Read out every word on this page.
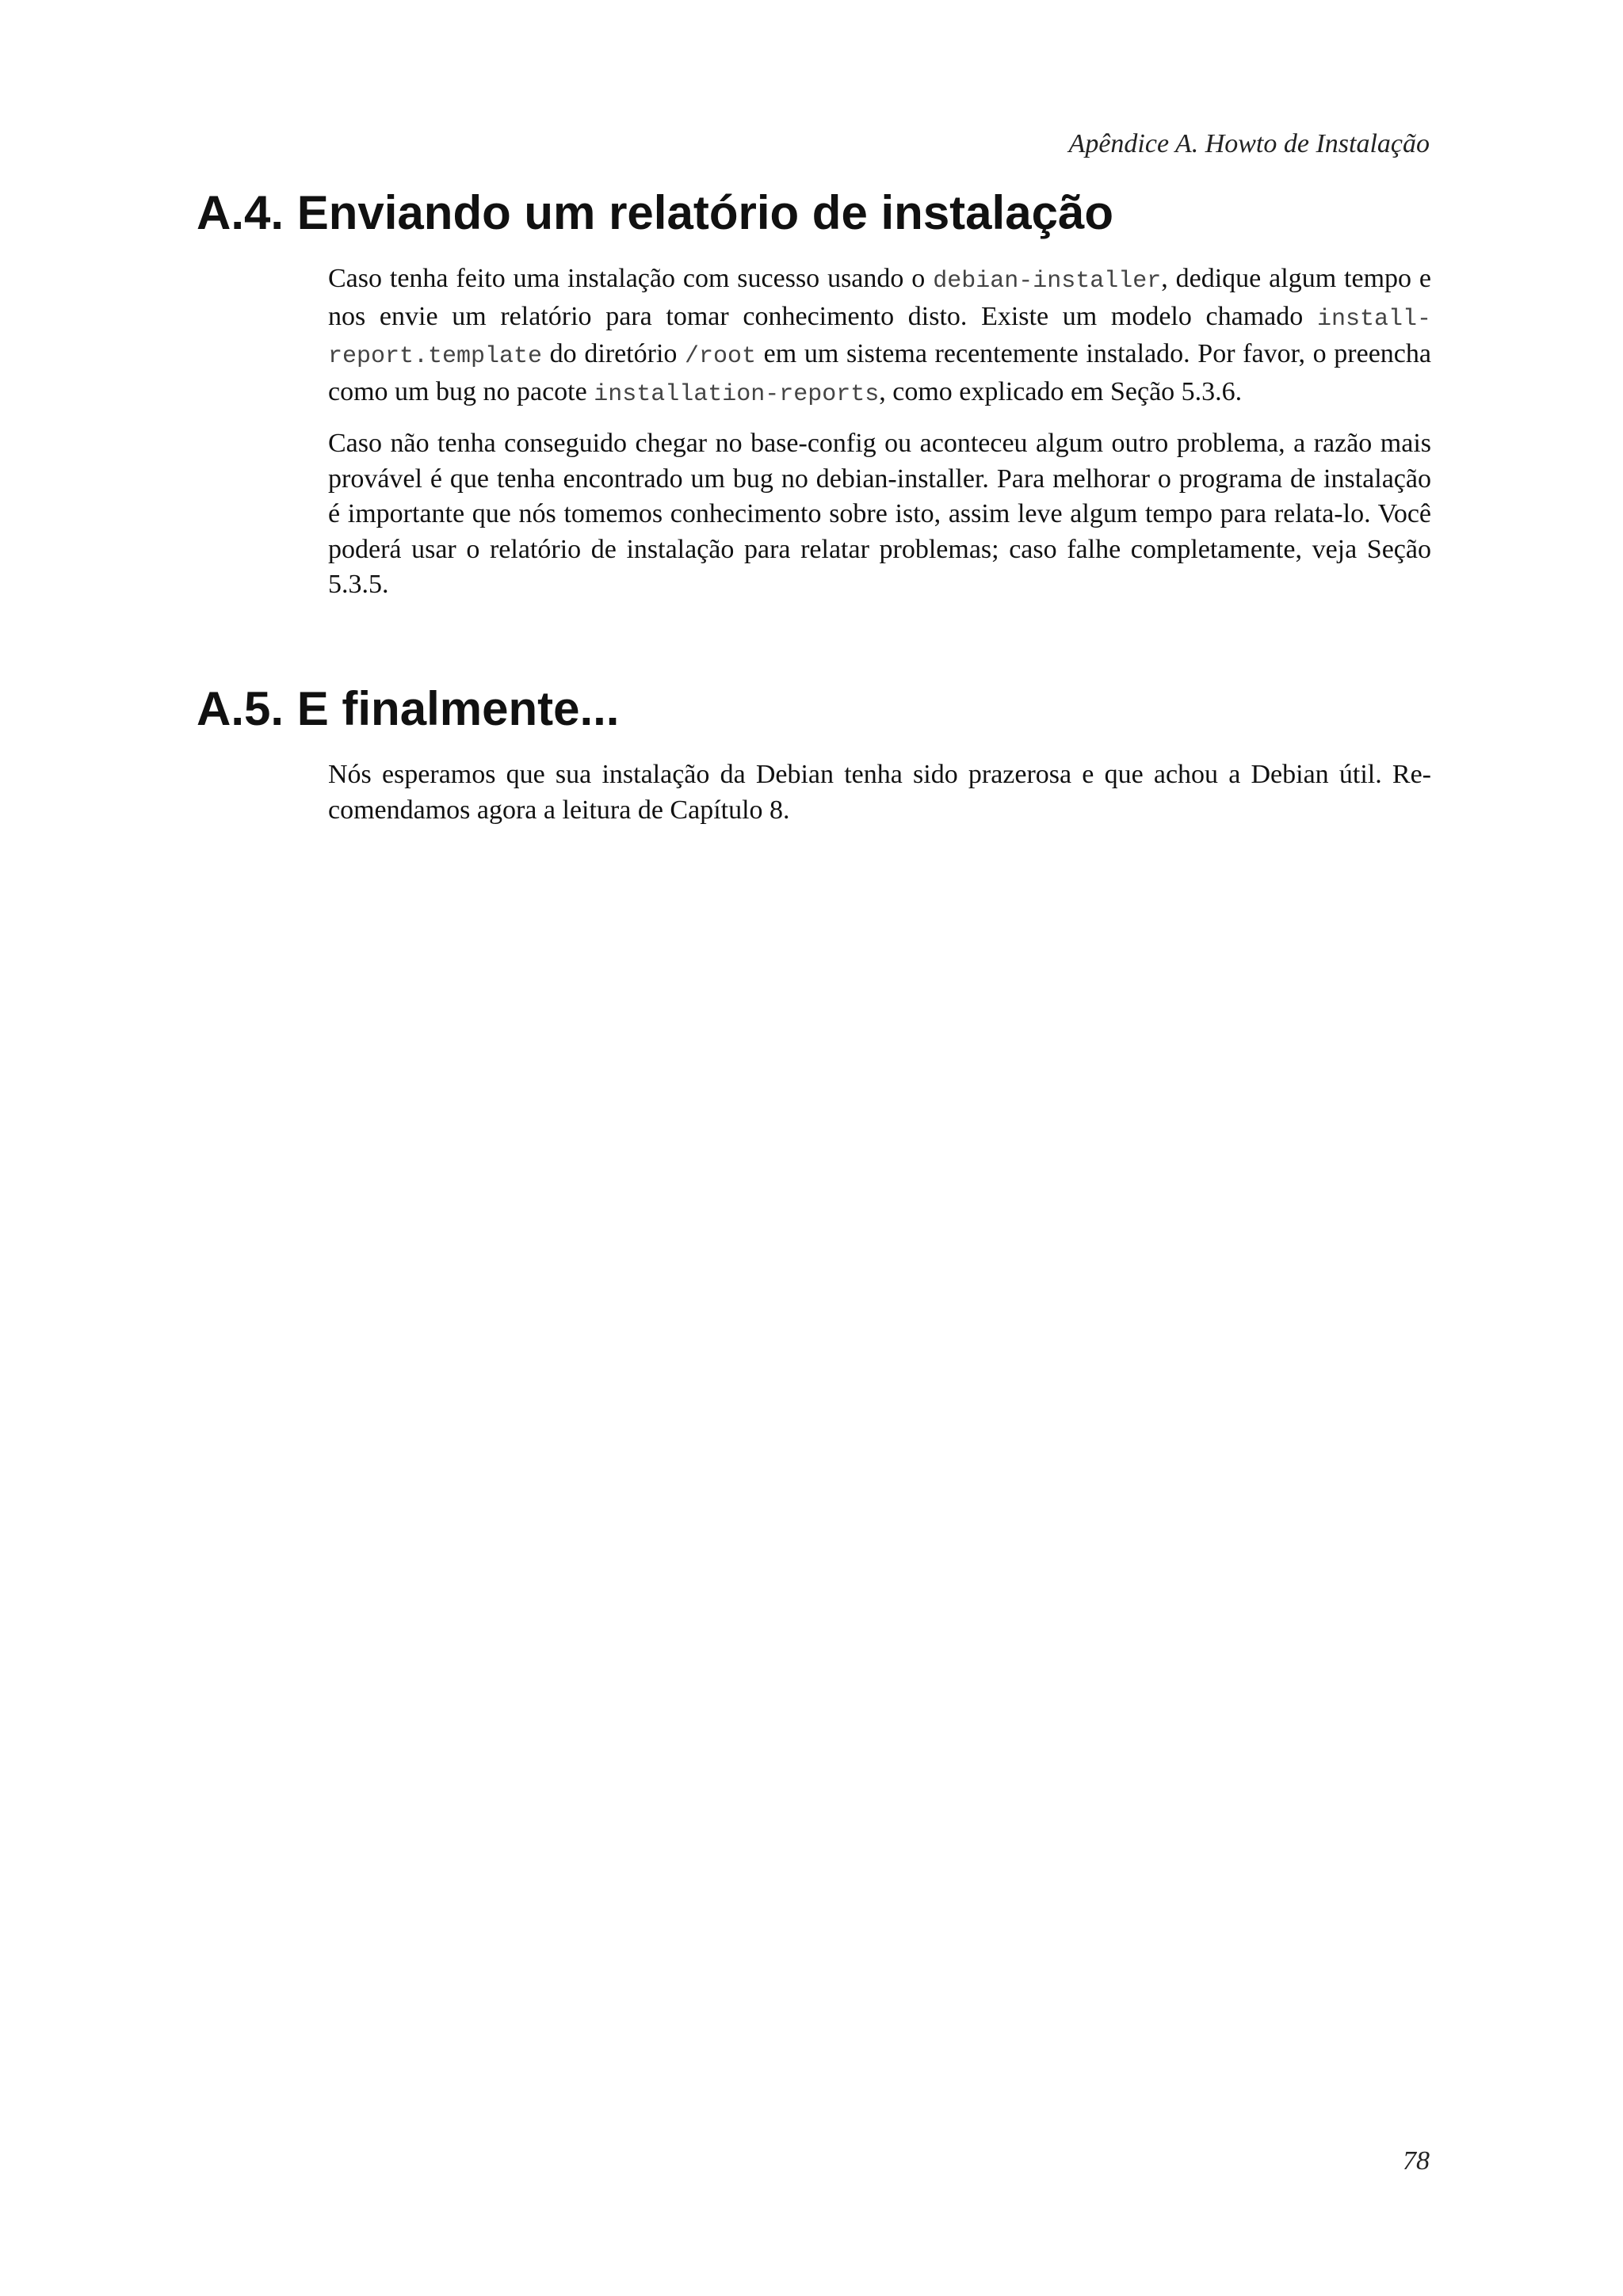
Apêndice A. Howto de Instalação
A.4. Enviando um relatório de instalação

Caso tenha feito uma instalação com sucesso usando o debian-installer, dedique algum tempo e nos envie um relatório para tomar conhecimento disto. Existe um modelo chamado install-report.template do diretório /root em um sistema recentemente instalado. Por favor, o preencha como um bug no pacote installation-reports, como explicado em Seção 5.3.6.

Caso não tenha conseguido chegar no base-config ou aconteceu algum outro problema, a razão mais provável é que tenha encontrado um bug no debian-installer. Para melhorar o programa de instalação é importante que nós tomemos conhecimento sobre isto, assim leve algum tempo para relata-lo. Você poderá usar o relatório de instalação para relatar problemas; caso falhe completamente, veja Seção 5.3.5.

A.5. E finalmente...

Nós esperamos que sua instalação da Debian tenha sido prazerosa e que achou a Debian útil. Recomendamos agora a leitura de Capítulo 8.

78
